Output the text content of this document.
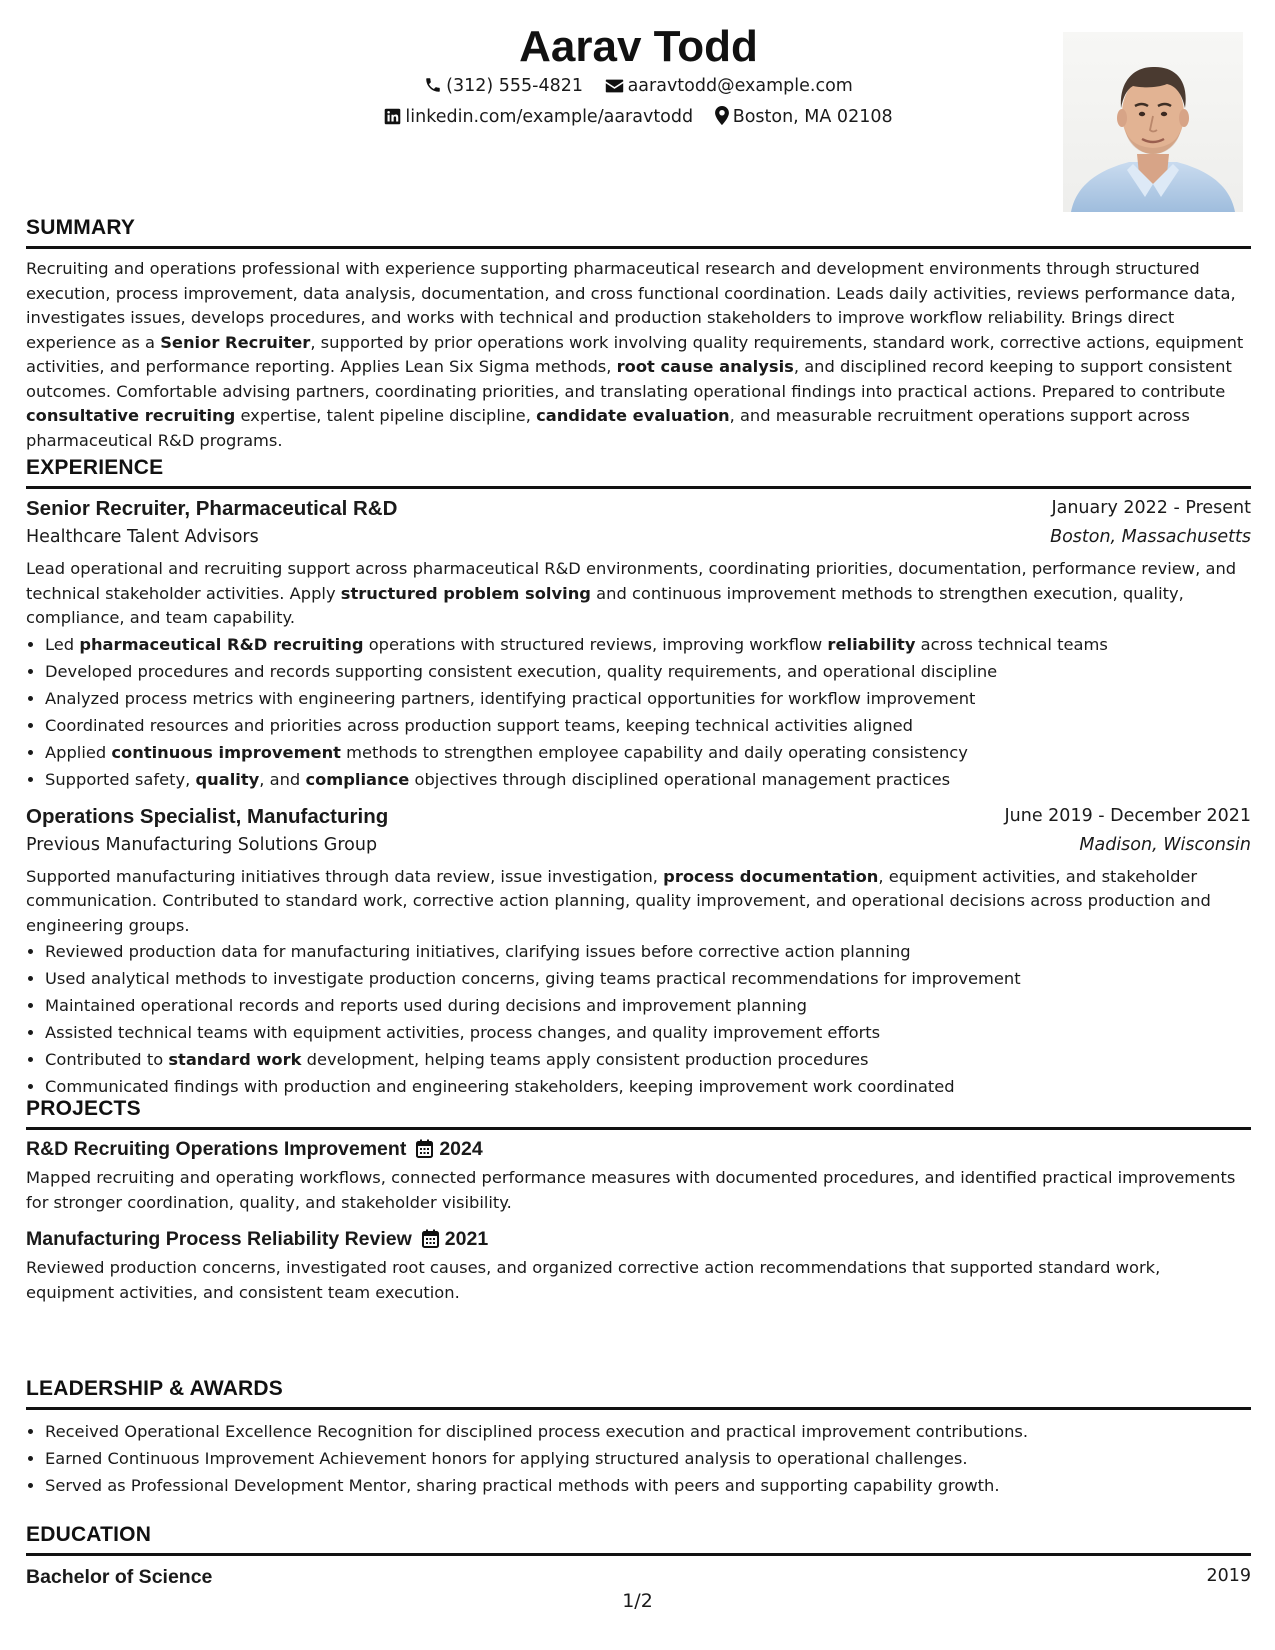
Aarav Todd
(312) 555-4821	aaravtodd@example.com
linkedin.com/example/aaravtodd Boston, MA 02108
SUMMARY

Recruiting and operations professional with experience supporting pharmaceutical research and development environments through structured execution, process improvement, data analysis, documentation, and cross functional coordination. Leads daily activities, reviews performance data, investigates issues, develops procedures, and works with technical and production stakeholders to improve workflow reliability. Brings direct experience as a Senior Recruiter, supported by prior operations work involving quality requirements, standard work, corrective actions, equipment activities, and performance reporting. Applies Lean Six Sigma methods, root cause analysis, and disciplined record keeping to support consistent outcomes. Comfortable advising partners, coordinating priorities, and translating operational findings into practical actions. Prepared to contribute consultative recruiting expertise, talent pipeline discipline, candidate evaluation, and measurable recruitment operations support across pharmaceutical R&D programs.

EXPERIENCE
Senior Recruiter, Pharmaceutical R&D	January 2022 - Present
Healthcare Talent Advisors	Boston, Massachusetts

Lead operational and recruiting support across pharmaceutical R&D environments, coordinating priorities, documentation, performance review, and technical stakeholder activities. Apply structured problem solving and continuous improvement methods to strengthen execution, quality, compliance, and team capability.

• Led pharmaceutical R&D recruiting operations with structured reviews, improving workflow reliability across technical teams
• Developed procedures and records supporting consistent execution, quality requirements, and operational discipline
• Analyzed process metrics with engineering partners, identifying practical opportunities for workflow improvement
• Coordinated resources and priorities across production support teams, keeping technical activities aligned
• Applied continuous improvement methods to strengthen employee capability and daily operating consistency
• Supported safety, quality, and compliance objectives through disciplined operational management practices
Operations Specialist, Manufacturing	June 2019 - December 2021
Previous Manufacturing Solutions Group	Madison, Wisconsin

Supported manufacturing initiatives through data review, issue investigation, process documentation, equipment activities, and stakeholder communication. Contributed to standard work, corrective action planning, quality improvement, and operational decisions across production and engineering groups.

• Reviewed production data for manufacturing initiatives, clarifying issues before corrective action planning
• Used analytical methods to investigate production concerns, giving teams practical recommendations for improvement
• Maintained operational records and reports used during decisions and improvement planning
• Assisted technical teams with equipment activities, process changes, and quality improvement efforts
• Contributed to standard work development, helping teams apply consistent production procedures
• Communicated findings with production and engineering stakeholders, keeping improvement work coordinated
PROJECTS
R&D Recruiting Operations Improvement 2024

Mapped recruiting and operating workflows, connected performance measures with documented procedures, and identified practical improvements for stronger coordination, quality, and stakeholder visibility.

Manufacturing Process Reliability Review 2021

Reviewed production concerns, investigated root causes, and organized corrective action recommendations that supported standard work, equipment activities, and consistent team execution.

LEADERSHIP & AWARDS
• Received Operational Excellence Recognition for disciplined process execution and practical improvement contributions.
• Earned Continuous Improvement Achievement honors for applying structured analysis to operational challenges.
• Served as Professional Development Mentor, sharing practical methods with peers and supporting capability growth.
EDUCATION
Bachelor of Science	2019
1/2
